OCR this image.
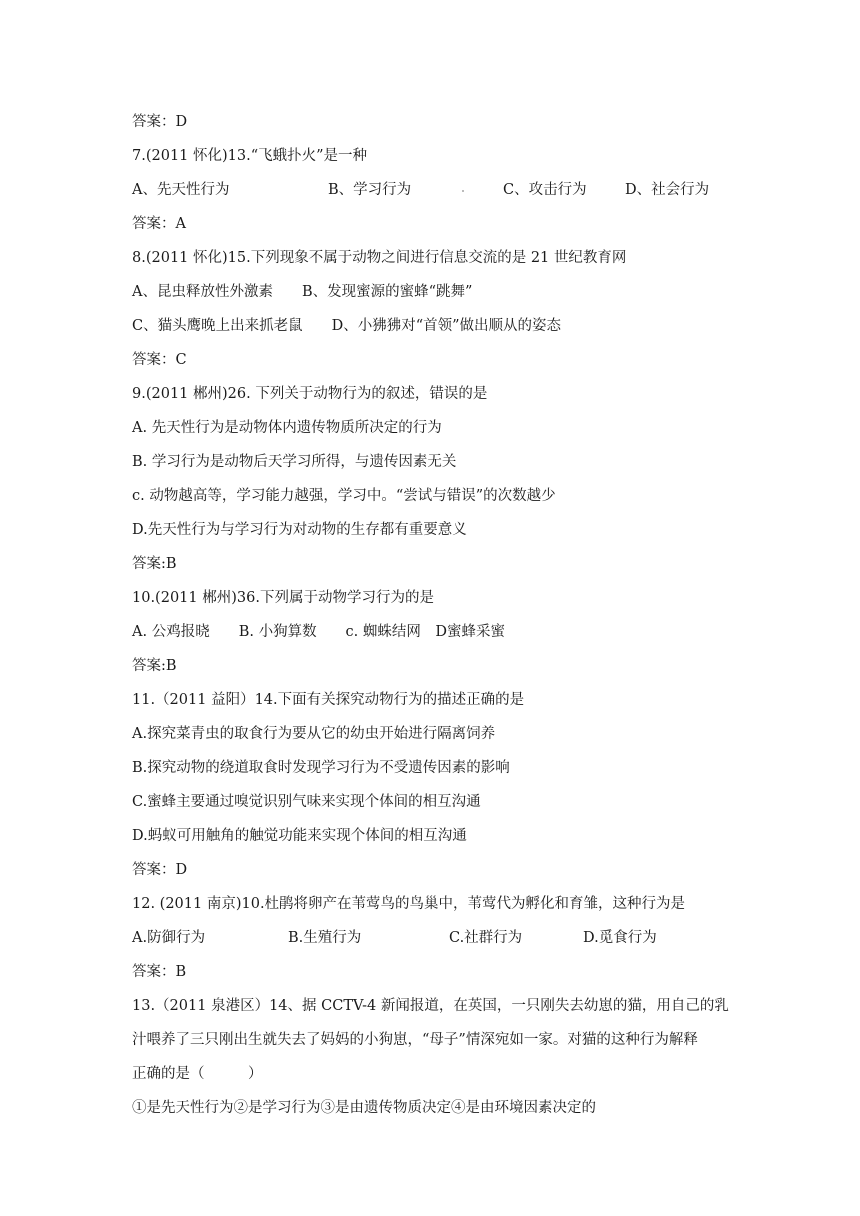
答案：D
7.(2011 怀化)13.“飞蛾扑火”是一种
A、先天性行为	B、学习行为	C、攻击行为	D、社会行为
答案：A
8.(2011 怀化)15.下列现象不属于动物之间进行信息交流的是 21 世纪教育网
A、昆虫释放性外激素　　B、发现蜜源的蜜蜂“跳舞”
C、猫头鹰晚上出来抓老鼠　　D、小狒狒对“首领”做出顺从的姿态
答案：C
9.(2011 郴州)26. 下列关于动物行为的叙述，错误的是
A. 先天性行为是动物体内遗传物质所决定的行为
B. 学习行为是动物后天学习所得，与遗传因素无关
c. 动物越高等，学习能力越强，学习中。“尝试与错误”的次数越少
D.先天性行为与学习行为对动物的生存都有重要意义
答案:B
10.(2011 郴州)36.下列属于动物学习行为的是
A. 公鸡报晓　　B. 小狗算数　　c. 蜘蛛结网　D蜜蜂采蜜
答案:B
11.（2011 益阳）14.下面有关探究动物行为的描述正确的是
A.探究菜青虫的取食行为要从它的幼虫开始进行隔离饲养
B.探究动物的绕道取食时发现学习行为不受遗传因素的影响
C.蜜蜂主要通过嗅觉识别气味来实现个体间的相互沟通
D.蚂蚁可用触角的触觉功能来实现个体间的相互沟通
答案：D
12. (2011 南京)10.杜鹃将卵产在苇莺鸟的鸟巢中，苇莺代为孵化和育雏，这种行为是
A.防御行为	B.生殖行为	C.社群行为	D.觅食行为
答案：B
13.（2011 泉港区）14、据 CCTV-4 新闻报道，在英国，一只刚失去幼崽的猫，用自己的乳
汁喂养了三只刚出生就失去了妈妈的小狗崽，“母子”情深宛如一家。对猫的这种行为解释
正确的是（　　　）
①是先天性行为②是学习行为③是由遗传物质决定④是由环境因素决定的
